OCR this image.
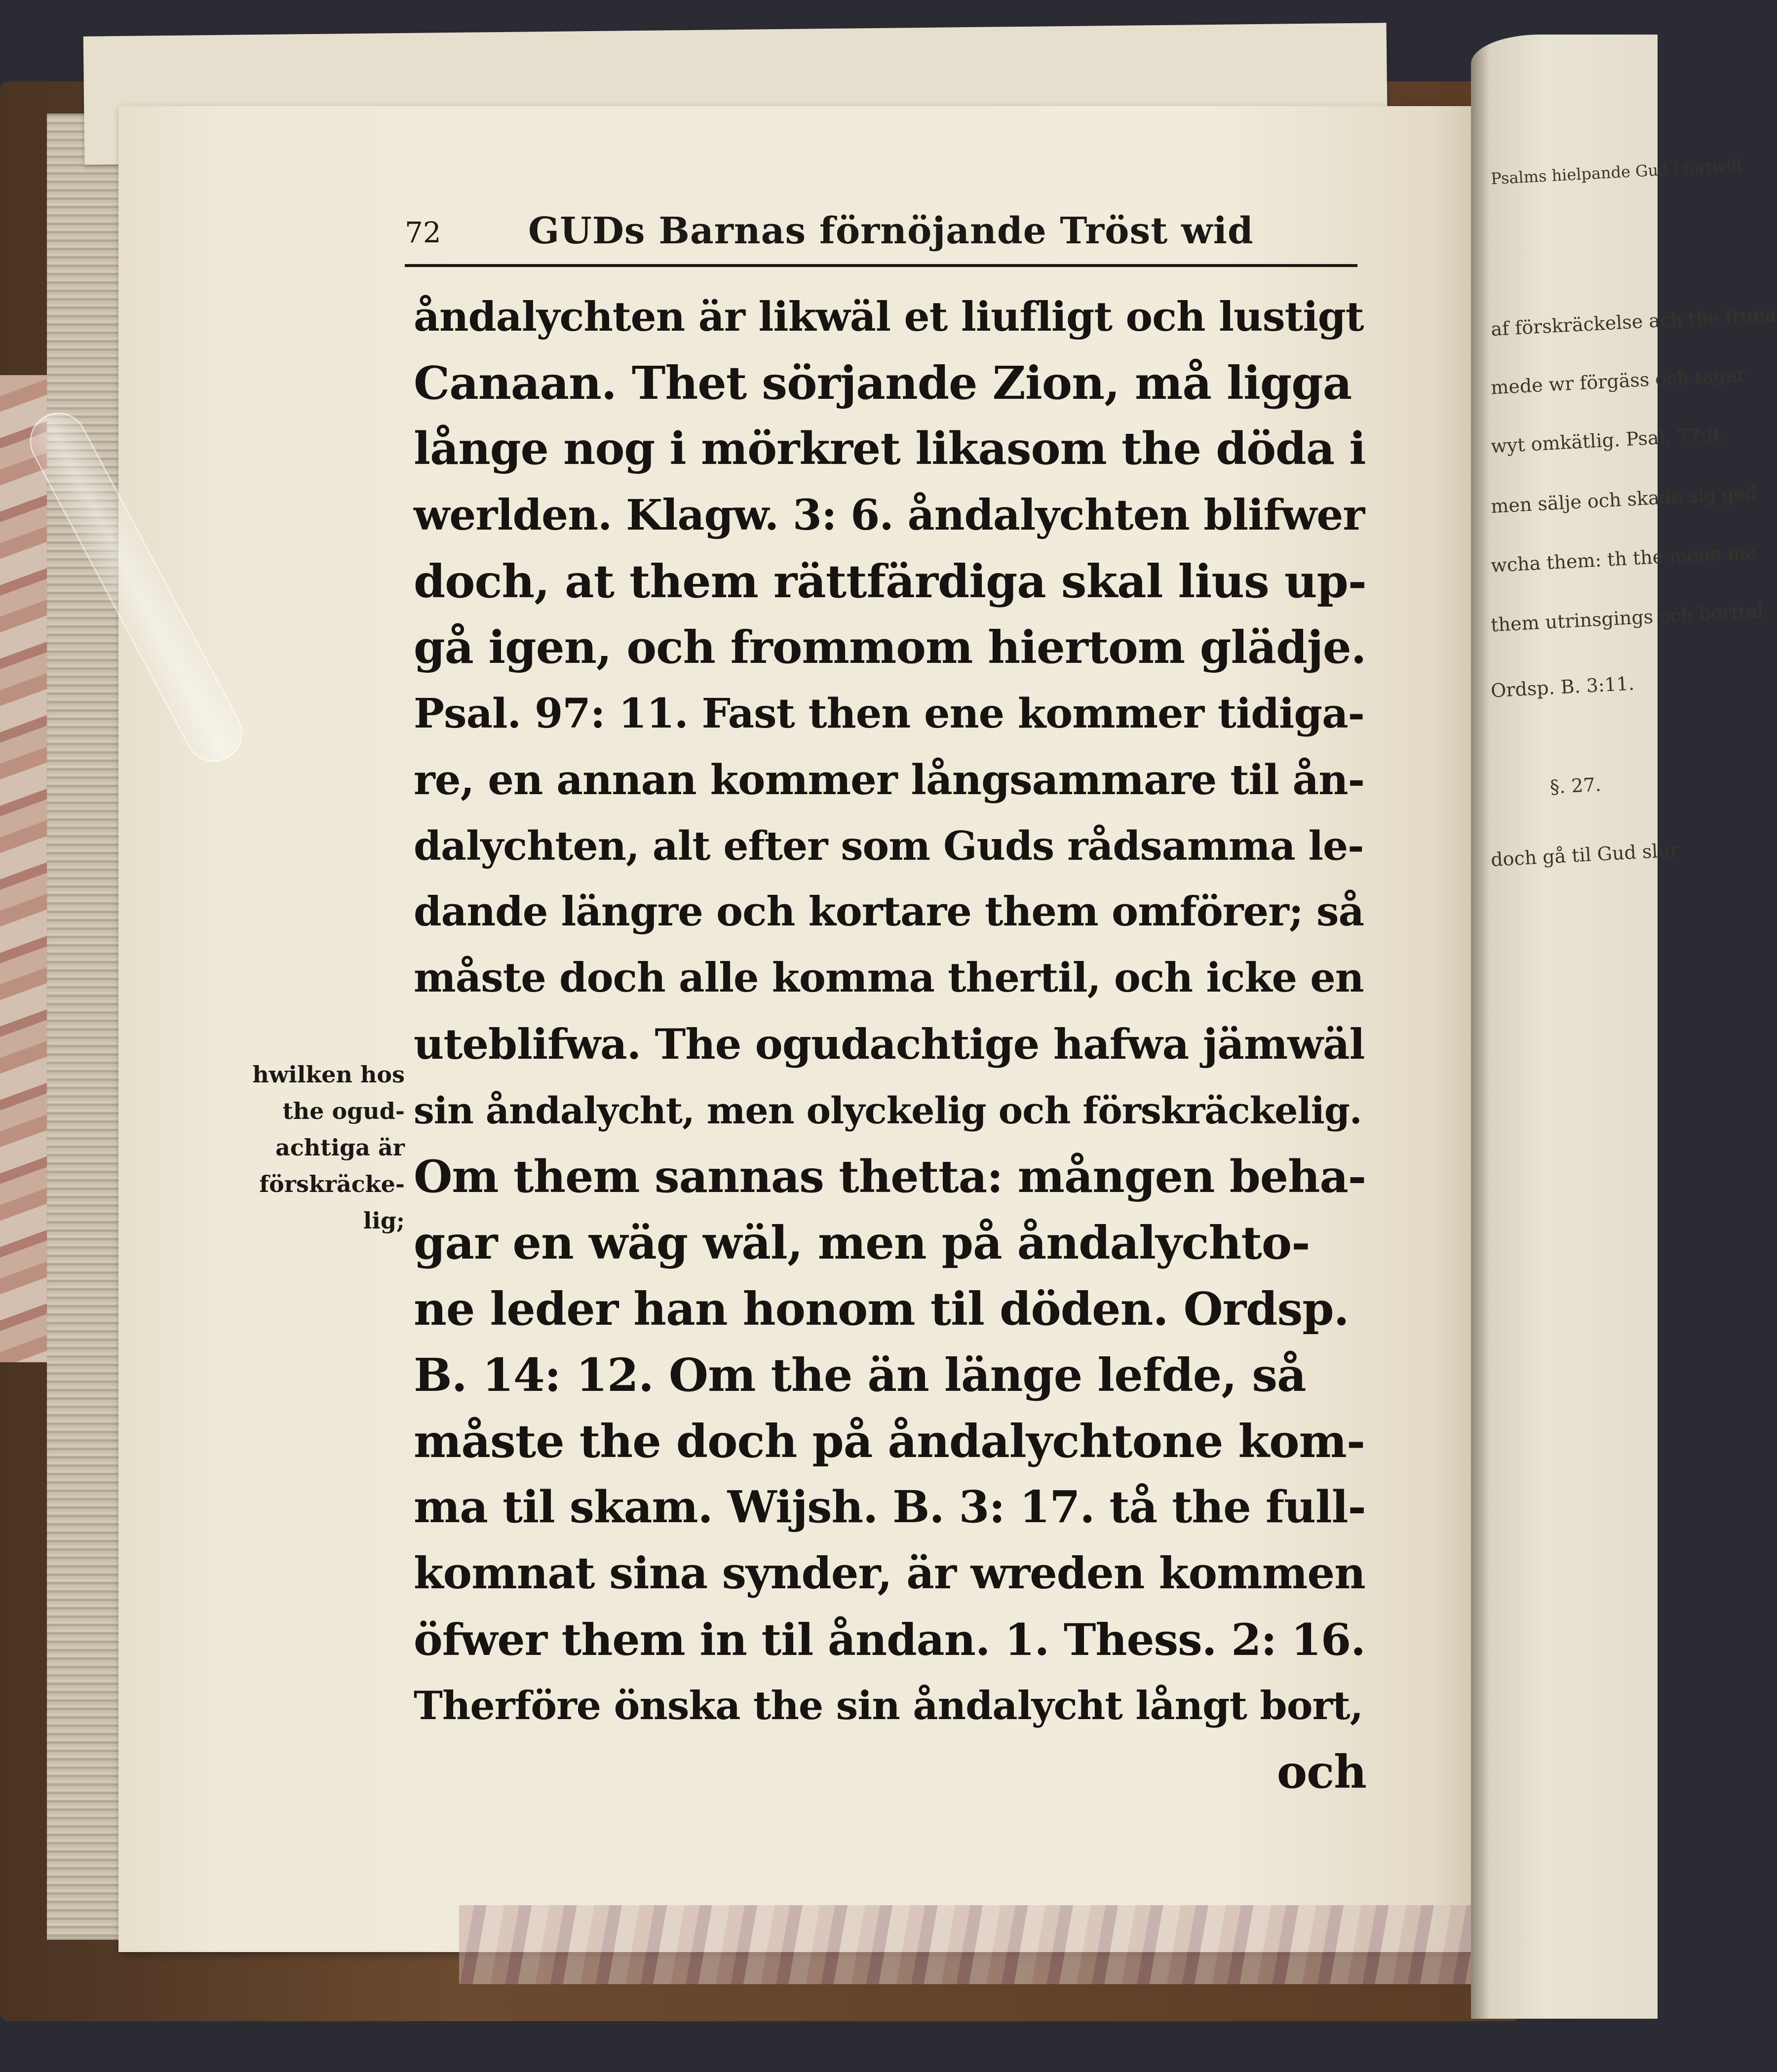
Psalms hielpande Gud i förtwifl
af förskräckelse ach the fruna
mede wr förgäss och tagar
wyt omkätlig. Psal. 77:9.
men sälje och skade sig ged
wcha them: th the mena ma
them utrinsgings och borttal
Ordsp. B. 3:11.
§. 27.
doch gå til Gud slur
72 GUDs Barnas förnöjande Tröst wid
åndalychten är likwäl et liufligt och lustigt
Canaan. Thet sörjande Zion, må ligga
långe nog i mörkret likasom the döda i
werlden. Klagw. 3: 6. åndalychten blifwer
doch, at them rättfärdiga skal lius up-
gå igen, och frommom hiertom glädje.
Psal. 97: 11. Fast then ene kommer tidiga-
re, en annan kommer långsammare til ån-
dalychten, alt efter som Guds rådsamma le-
dande längre och kortare them omförer; så
måste doch alle komma thertil, och icke en
uteblifwa. The ogudachtige hafwa jämwäl
sin åndalycht, men olyckelig och förskräckelig.
Om them sannas thetta: mången beha-
gar en wäg wäl, men på åndalychto-
ne leder han honom til döden. Ordsp.
B. 14: 12. Om the än länge lefde, så
måste the doch på åndalychtone kom-
ma til skam. Wijsh. B. 3: 17. tå the full-
komnat sina synder, är wreden kommen
öfwer them in til åndan. 1. Thess. 2: 16.
Therföre önska the sin åndalycht långt bort,
och
hwilken hos
the ogud-
achtiga är
förskräcke-
lig;
